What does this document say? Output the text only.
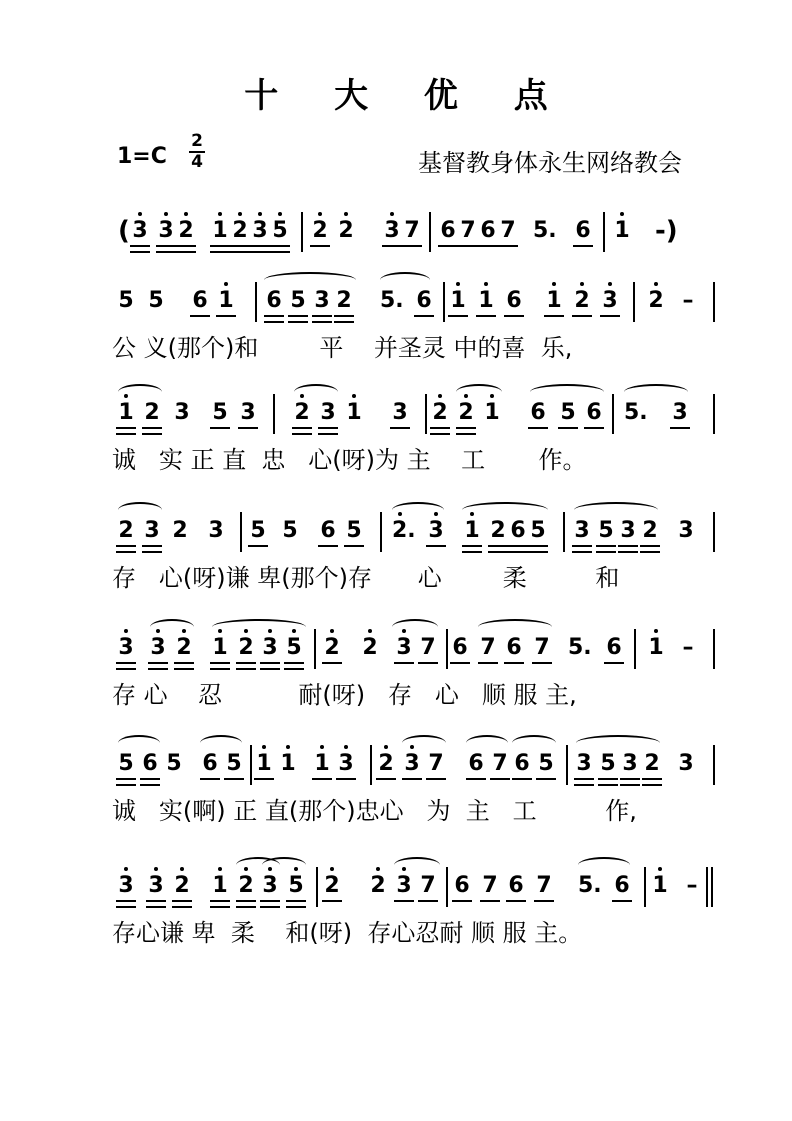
十 大 优 点
1=C
2
4	基督教身体永生网络教会
( 3 3 2 1 2 3 5 2 2 3 7 6 7 6 7 5. 6 1 -)
5 5 6 1 6 5 3 2 5. 6 1 1 6 1 2 3 2 –
公 义(那个)和        平    并圣灵 中的喜  乐,
1 2 3 5 3 2 3 1 3 2 2 1 6 5 6 5. 3
诚   实 正 直  忠   心(呀)为 主    工       作。
2 3 2 3 5 5 6 5 2. 3 1 2 6 5 3 5 3 2 3
存   心(呀)谦 卑(那个)存      心        柔         和
3 3 2 1 2 3 5 2 2 3 7 6 7 6 7 5. 6 1 –
存 心    忍          耐(呀)   存   心   顺 服 主,
5 6 5 6 5 1 1 1 3 2 3 7 6 7 6 5 3 5 3 2 3
诚   实(啊) 正 直(那个)忠心   为  主   工         作,
3 3 2 1 2 3 5 2 2 3 7 6 7 6 7 5. 6 1 –
存心谦 卑  柔    和(呀)  存心忍耐 顺 服 主。
